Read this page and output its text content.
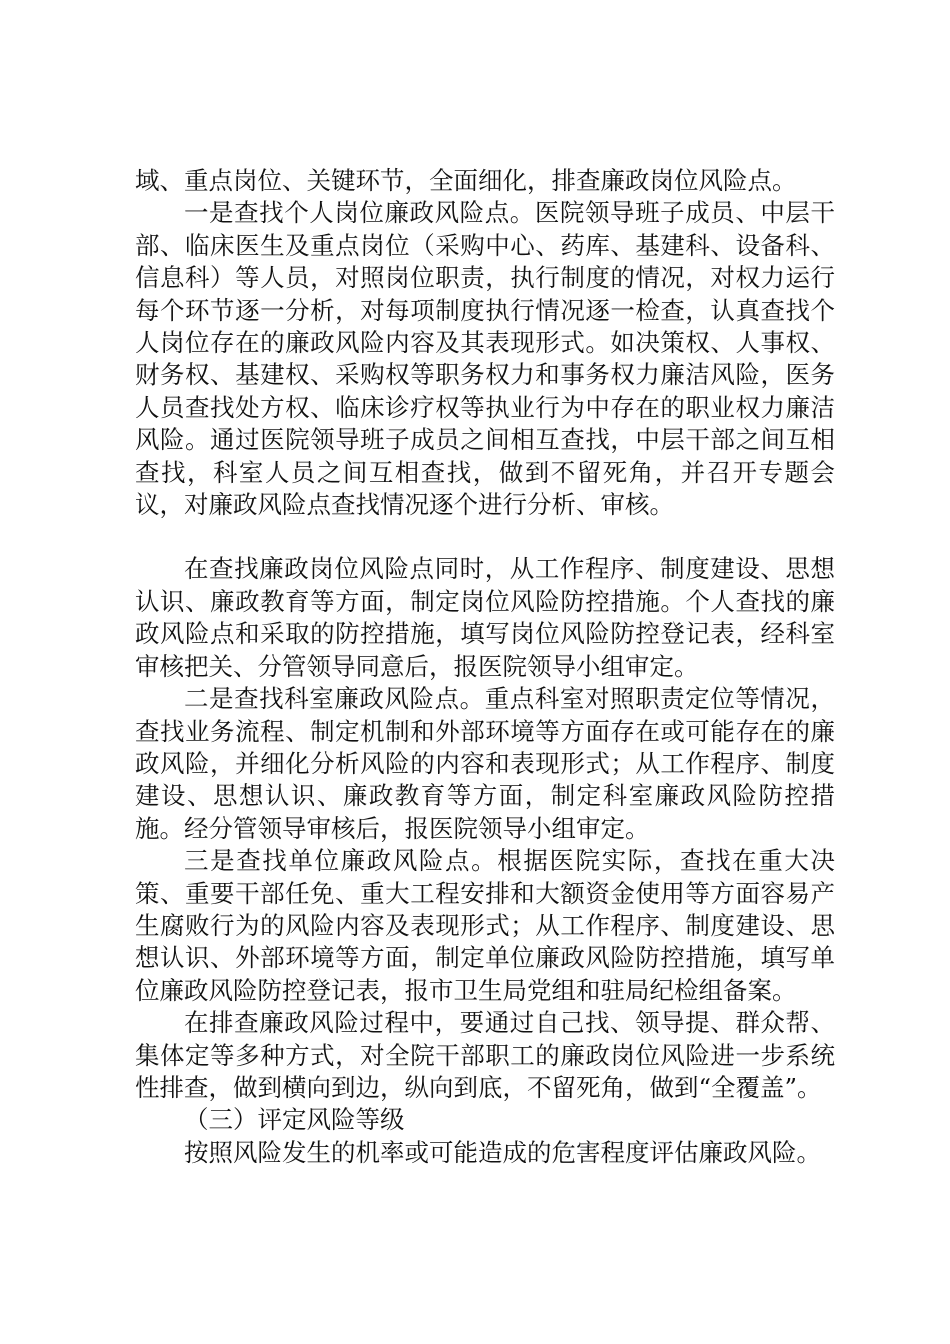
域、重点岗位、关键环节，全面细化，排查廉政岗位风险点。

一是查找个人岗位廉政风险点。医院领导班子成员、中层干部、临床医生及重点岗位（采购中心、药库、基建科、设备科、信息科）等人员，对照岗位职责，执行制度的情况，对权力运行每个环节逐一分析，对每项制度执行情况逐一检查，认真查找个人岗位存在的廉政风险内容及其表现形式。如决策权、人事权、财务权、基建权、采购权等职务权力和事务权力廉洁风险，医务人员查找处方权、临床诊疗权等执业行为中存在的职业权力廉洁风险。通过医院领导班子成员之间相互查找，中层干部之间互相查找，科室人员之间互相查找，做到不留死角，并召开专题会议，对廉政风险点查找情况逐个进行分析、审核。

在查找廉政岗位风险点同时，从工作程序、制度建设、思想认识、廉政教育等方面，制定岗位风险防控措施。个人查找的廉政风险点和采取的防控措施，填写岗位风险防控登记表，经科室审核把关、分管领导同意后，报医院领导小组审定。

二是查找科室廉政风险点。重点科室对照职责定位等情况，查找业务流程、制定机制和外部环境等方面存在或可能存在的廉政风险，并细化分析风险的内容和表现形式；从工作程序、制度建设、思想认识、廉政教育等方面，制定科室廉政风险防控措施。经分管领导审核后，报医院领导小组审定。

三是查找单位廉政风险点。根据医院实际，查找在重大决策、重要干部任免、重大工程安排和大额资金使用等方面容易产生腐败行为的风险内容及表现形式；从工作程序、制度建设、思想认识、外部环境等方面，制定单位廉政风险防控措施，填写单位廉政风险防控登记表，报市卫生局党组和驻局纪检组备案。

在排查廉政风险过程中，要通过自己找、领导提、群众帮、集体定等多种方式，对全院干部职工的廉政岗位风险进一步系统性排查，做到横向到边，纵向到底，不留死角，做到“全覆盖”。

（三）评定风险等级

按照风险发生的机率或可能造成的危害程度评估廉政风险。
